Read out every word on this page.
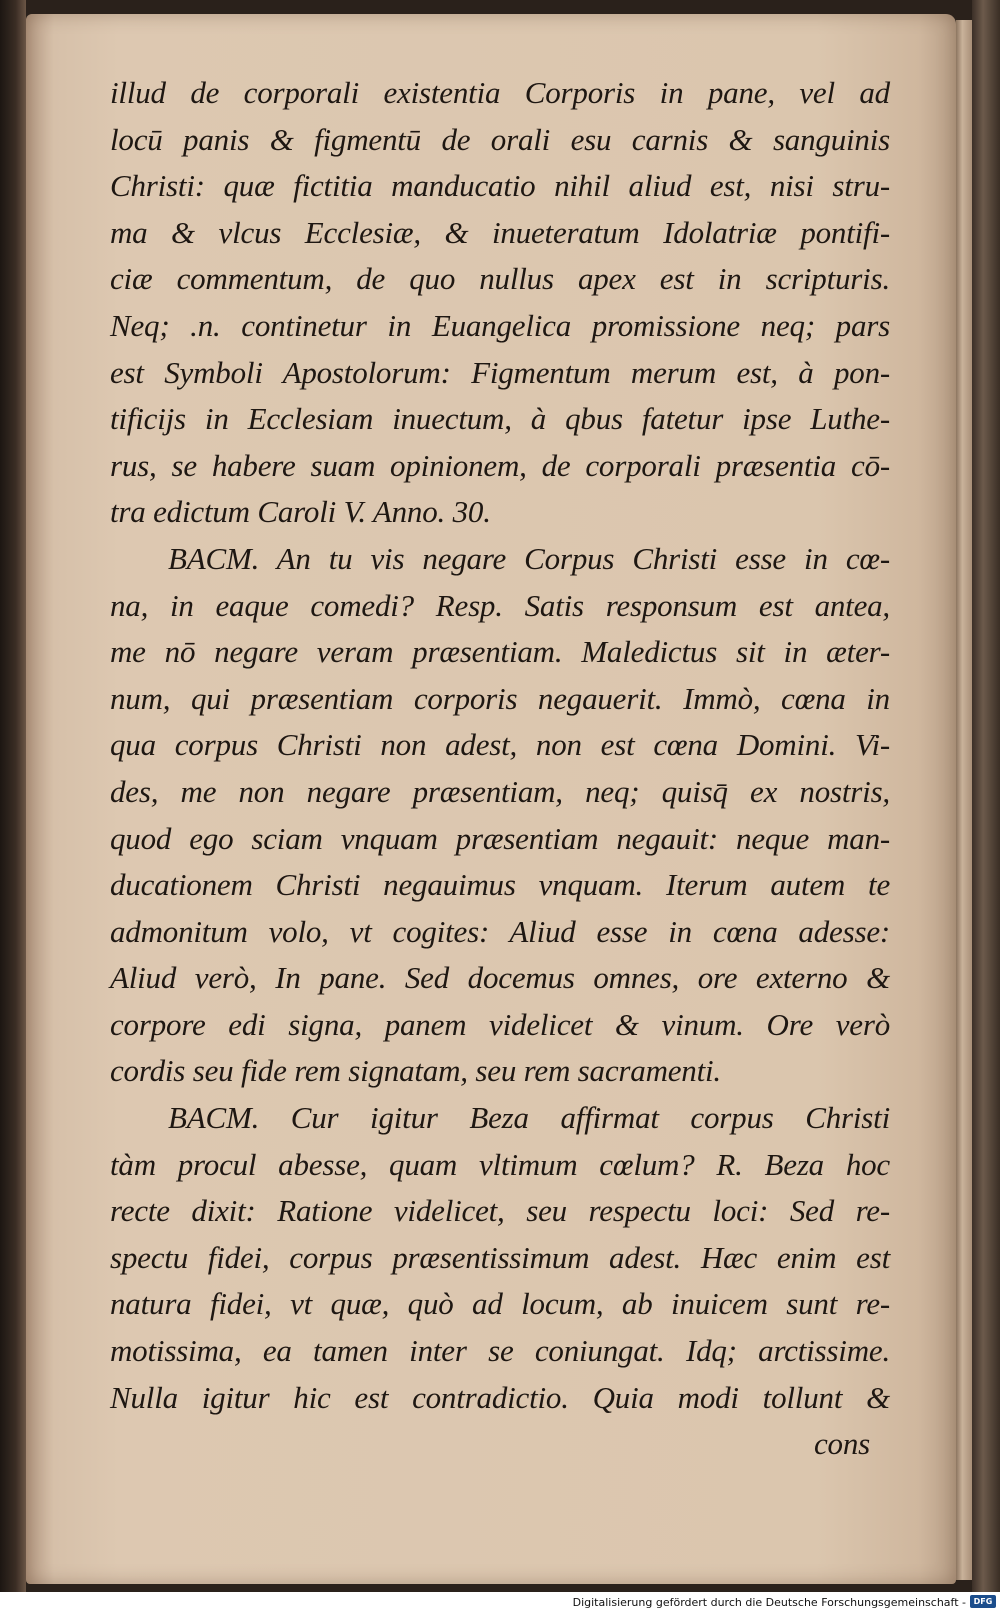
illud de corporali existentia Corporis in pane, vel ad
locū panis & figmentū de orali esu carnis & sanguinis
Christi: quæ fictitia manducatio nihil aliud est, nisi stru-
ma & vlcus Ecclesiæ, & inueteratum Idolatriæ pontifi-
ciæ commentum, de quo nullus apex est in scripturis.
Neq; .n. continetur in Euangelica promissione neq; pars
est Symboli Apostolorum: Figmentum merum est, à pon-
tificijs in Ecclesiam inuectum, à qbus fatetur ipse Luthe-
rus, se habere suam opinionem, de corporali præsentia cō-
tra edictum Caroli V. Anno. 30.
BACM. An tu vis negare Corpus Christi esse in cœ-
na, in eaque comedi? Resp. Satis responsum est antea,
me nō negare veram præsentiam. Maledictus sit in æter-
num, qui præsentiam corporis negauerit. Immò, cœna in
qua corpus Christi non adest, non est cœna Domini. Vi-
des, me non negare præsentiam, neq; quisq̄ ex nostris,
quod ego sciam vnquam præsentiam negauit: neque man-
ducationem Christi negauimus vnquam. Iterum autem te
admonitum volo, vt cogites: Aliud esse in cœna adesse:
Aliud verò, In pane. Sed docemus omnes, ore externo &
corpore edi signa, panem videlicet & vinum. Ore verò
cordis seu fide rem signatam, seu rem sacramenti.
BACM. Cur igitur Beza affirmat corpus Christi
tàm procul abesse, quam vltimum cœlum? R. Beza hoc
recte dixit: Ratione videlicet, seu respectu loci: Sed re-
spectu fidei, corpus præsentissimum adest. Hæc enim est
natura fidei, vt quæ, quò ad locum, ab inuicem sunt re-
motissima, ea tamen inter se coniungat. Idq; arctissime.
Nulla igitur hic est contradictio. Quia modi tollunt &
cons
Digitalisierung gefördert durch die Deutsche Forschungsgemeinschaft - DFG
